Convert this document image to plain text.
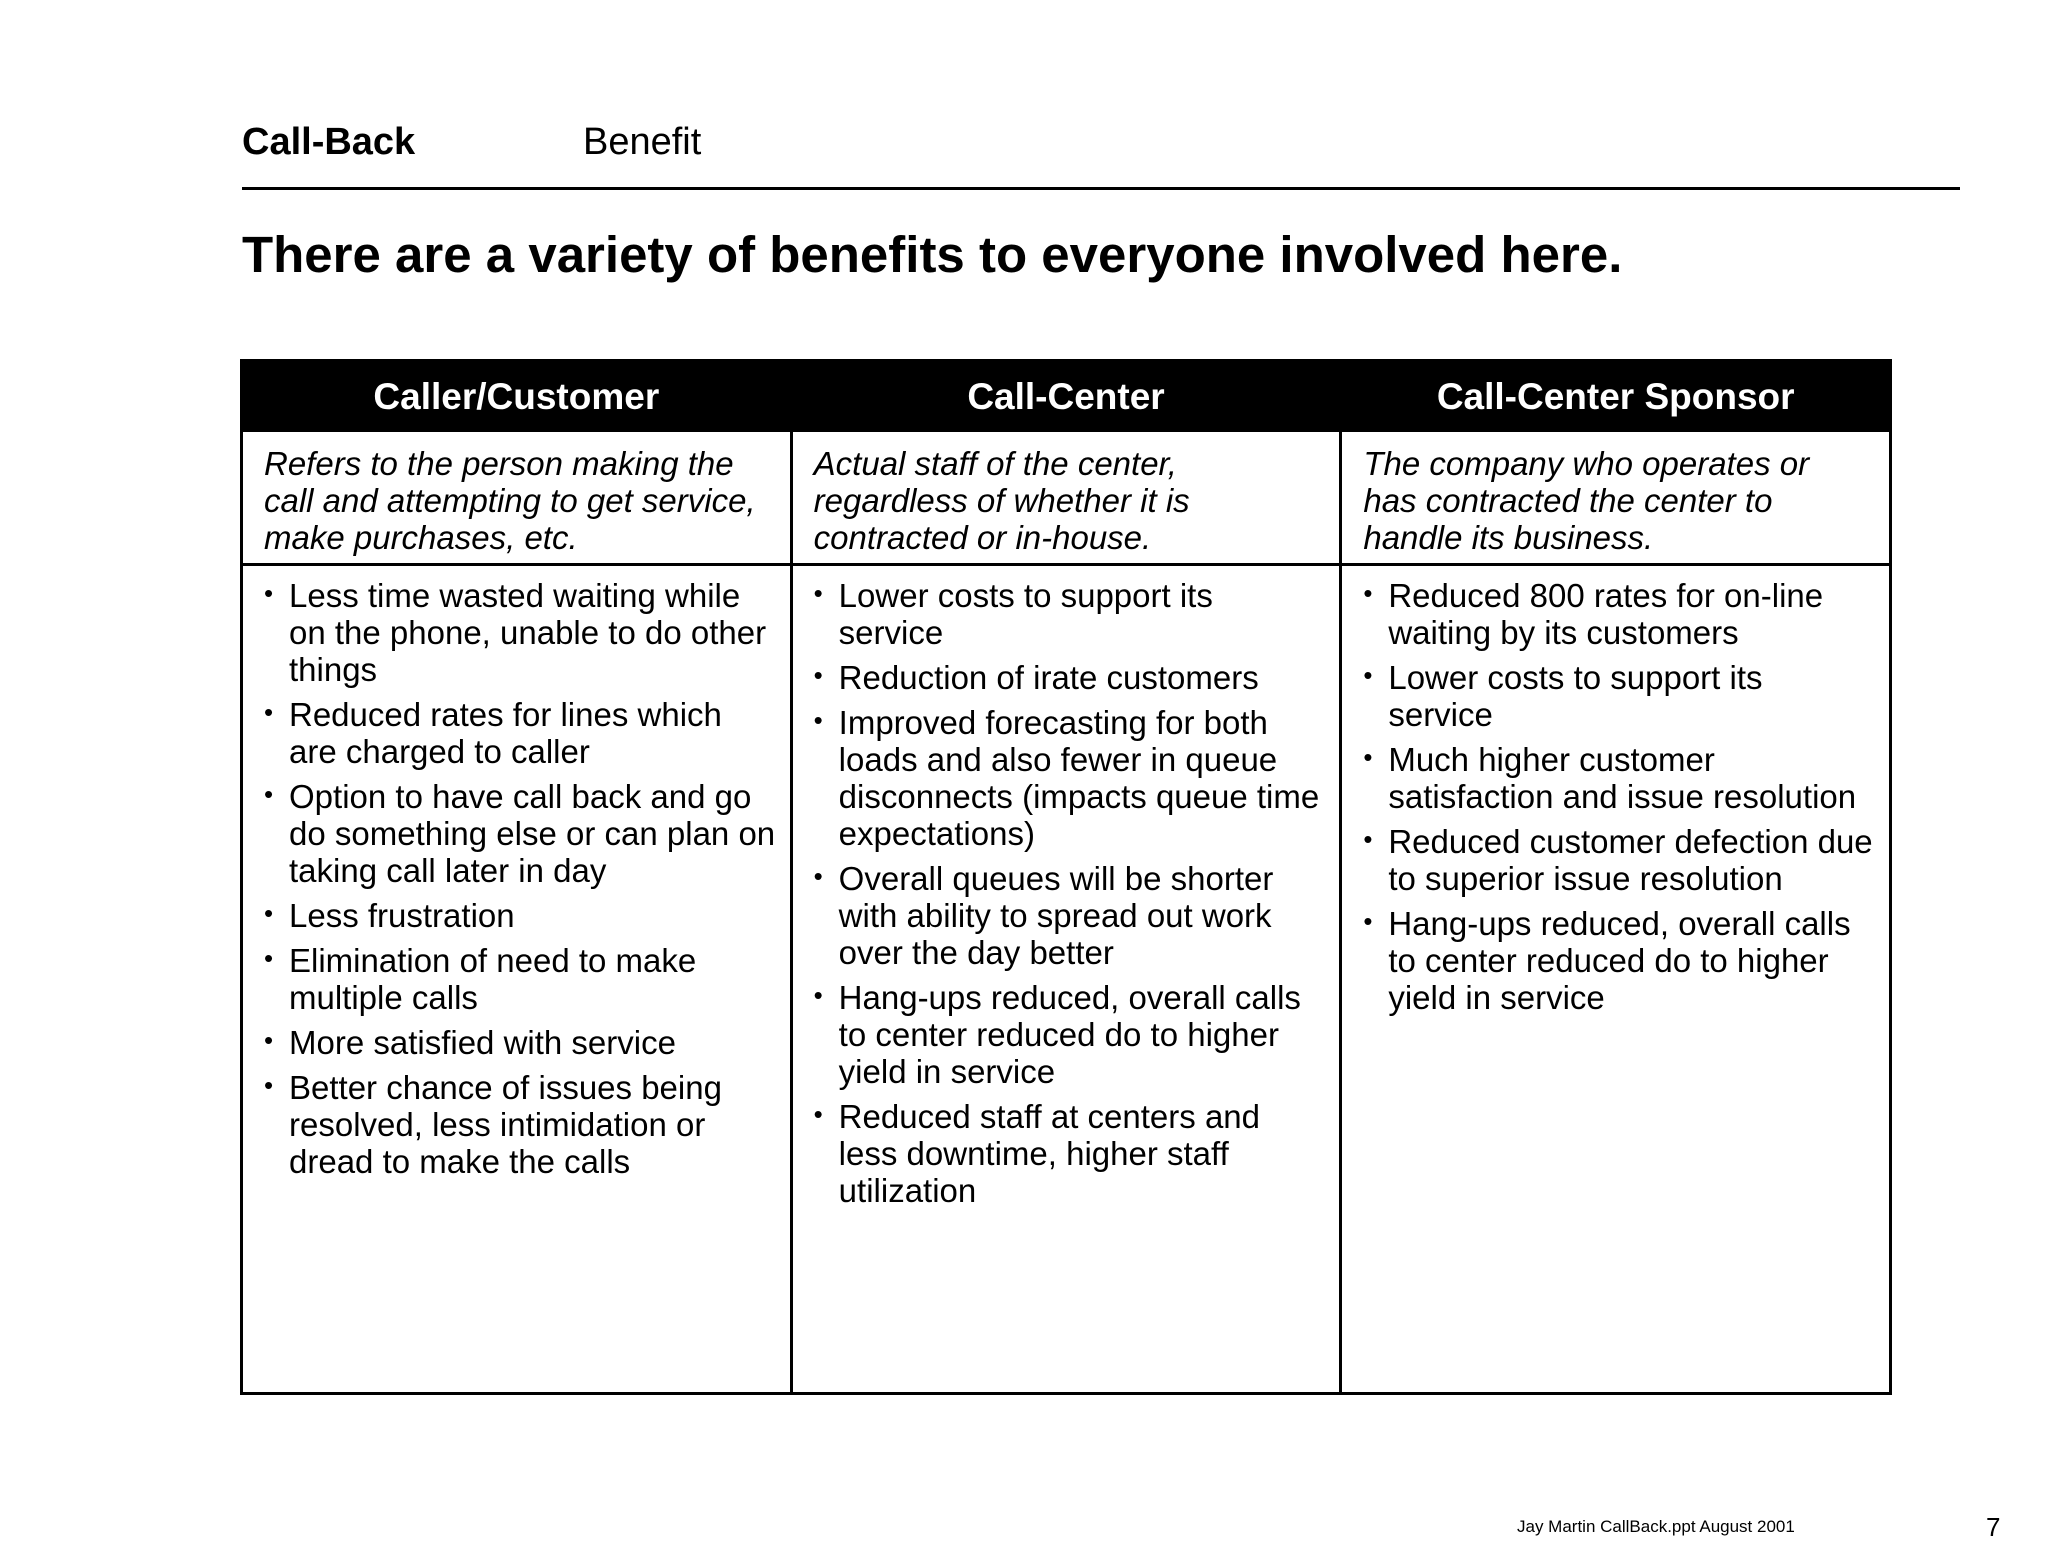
Call-Back	Benefit
There are a variety of benefits to everyone involved here.
Caller/Customer
Refers to the person making the call and attempting to get service, make purchases, etc.
• Less time wasted waiting while on the phone, unable to do other things
• Reduced rates for lines which are charged to caller
• Option to have call back and go do something else or can plan on taking call later in day
• Less frustration
• Elimination of need to make multiple calls
• More satisfied with service
• Better chance of issues being resolved, less intimidation or dread to make the calls
Call-Center
Actual staff of the center, regardless of whether it is contracted or in-house.
• Lower costs to support its service
• Reduction of irate customers
• Improved forecasting for both loads and also fewer in queue disconnects (impacts queue time expectations)
• Overall queues will be shorter with ability to spread out work over the day better
• Hang-ups reduced, overall calls to center reduced do to higher yield in service
• Reduced staff at centers and less downtime, higher staff utilization
Call-Center Sponsor
The company who operates or has contracted the center to handle its business.
• Reduced 800 rates for on-line waiting by its customers
• Lower costs to support its service
• Much higher customer satisfaction and issue resolution
• Reduced customer defection due to superior issue resolution
• Hang-ups reduced, overall calls to center reduced do to higher yield in service
Jay Martin CallBack.ppt August 2001	7
